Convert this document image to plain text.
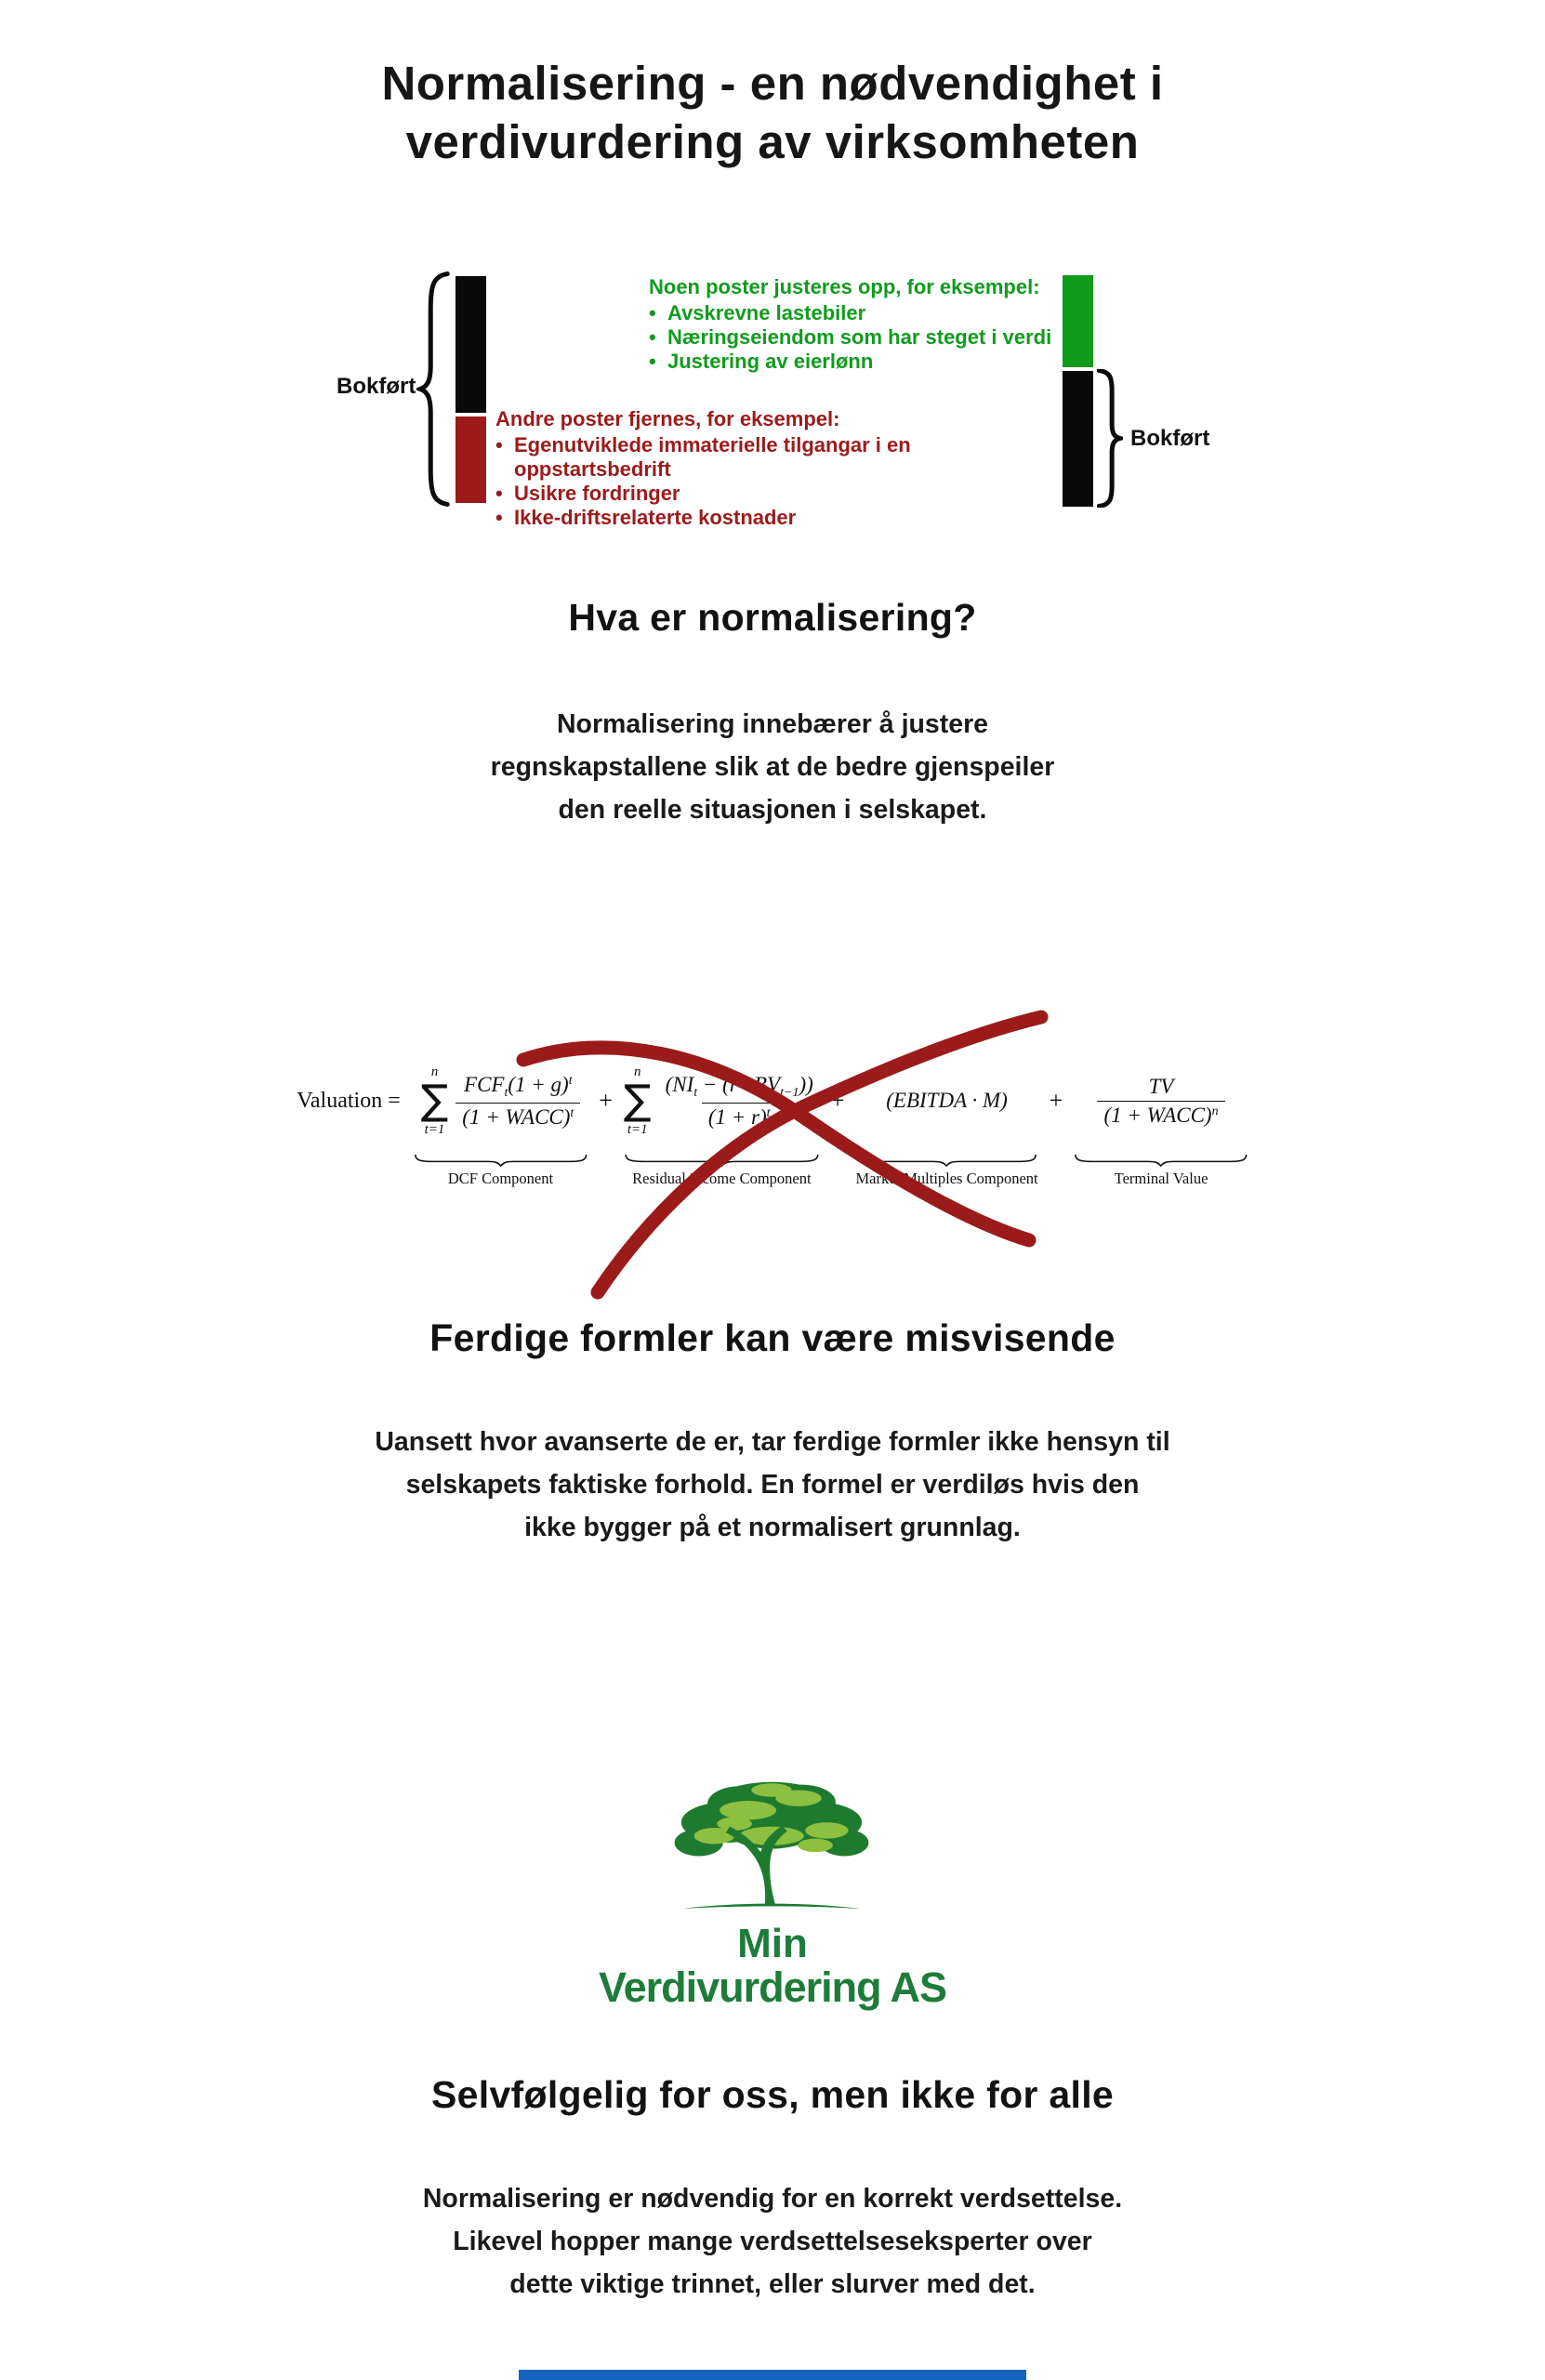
Normalisering - en nødvendighet i
verdivurdering av virksomheten
Bokført
Noen poster justeres opp, for eksempel:
• Avskrevne lastebiler
• Næringseiendom som har steget i verdi
• Justering av eierlønn
Andre poster fjernes, for eksempel:
• Egenutviklede immaterielle tilgangar i en oppstartsbedrift
• Usikre fordringer
• Ikke-driftsrelaterte kostnader
Bokført
Hva er normalisering?
Normalisering innebærer å justere
regnskapstallene slik at de bedre gjenspeiler
den reelle situasjonen i selskapet.
Valuation =
n
∑
$t=1 \frac{FCF_t(1 + g)^t}{(1 + WACC)^t}$
DCF Component
+
n
∑
$t=1 \frac{(NI_t - (r \cdot BV_{t-1}))}{(1 + r)^t}$
Residual Income Component
+	(EBITDA · M)
Market Multiples Component
+	$\frac{TV}{(1 + WACC)^n}$
Terminal Value
Ferdige formler kan være misvisende
Uansett hvor avanserte de er, tar ferdige formler ikke hensyn til
selskapets faktiske forhold. En formel er verdiløs hvis den
ikke bygger på et normalisert grunnlag.
Min
Verdivurdering AS
Selvfølgelig for oss, men ikke for alle
Normalisering er nødvendig for en korrekt verdsettelse.
Likevel hopper mange verdsettelseseksperter over
dette viktige trinnet, eller slurver med det.
